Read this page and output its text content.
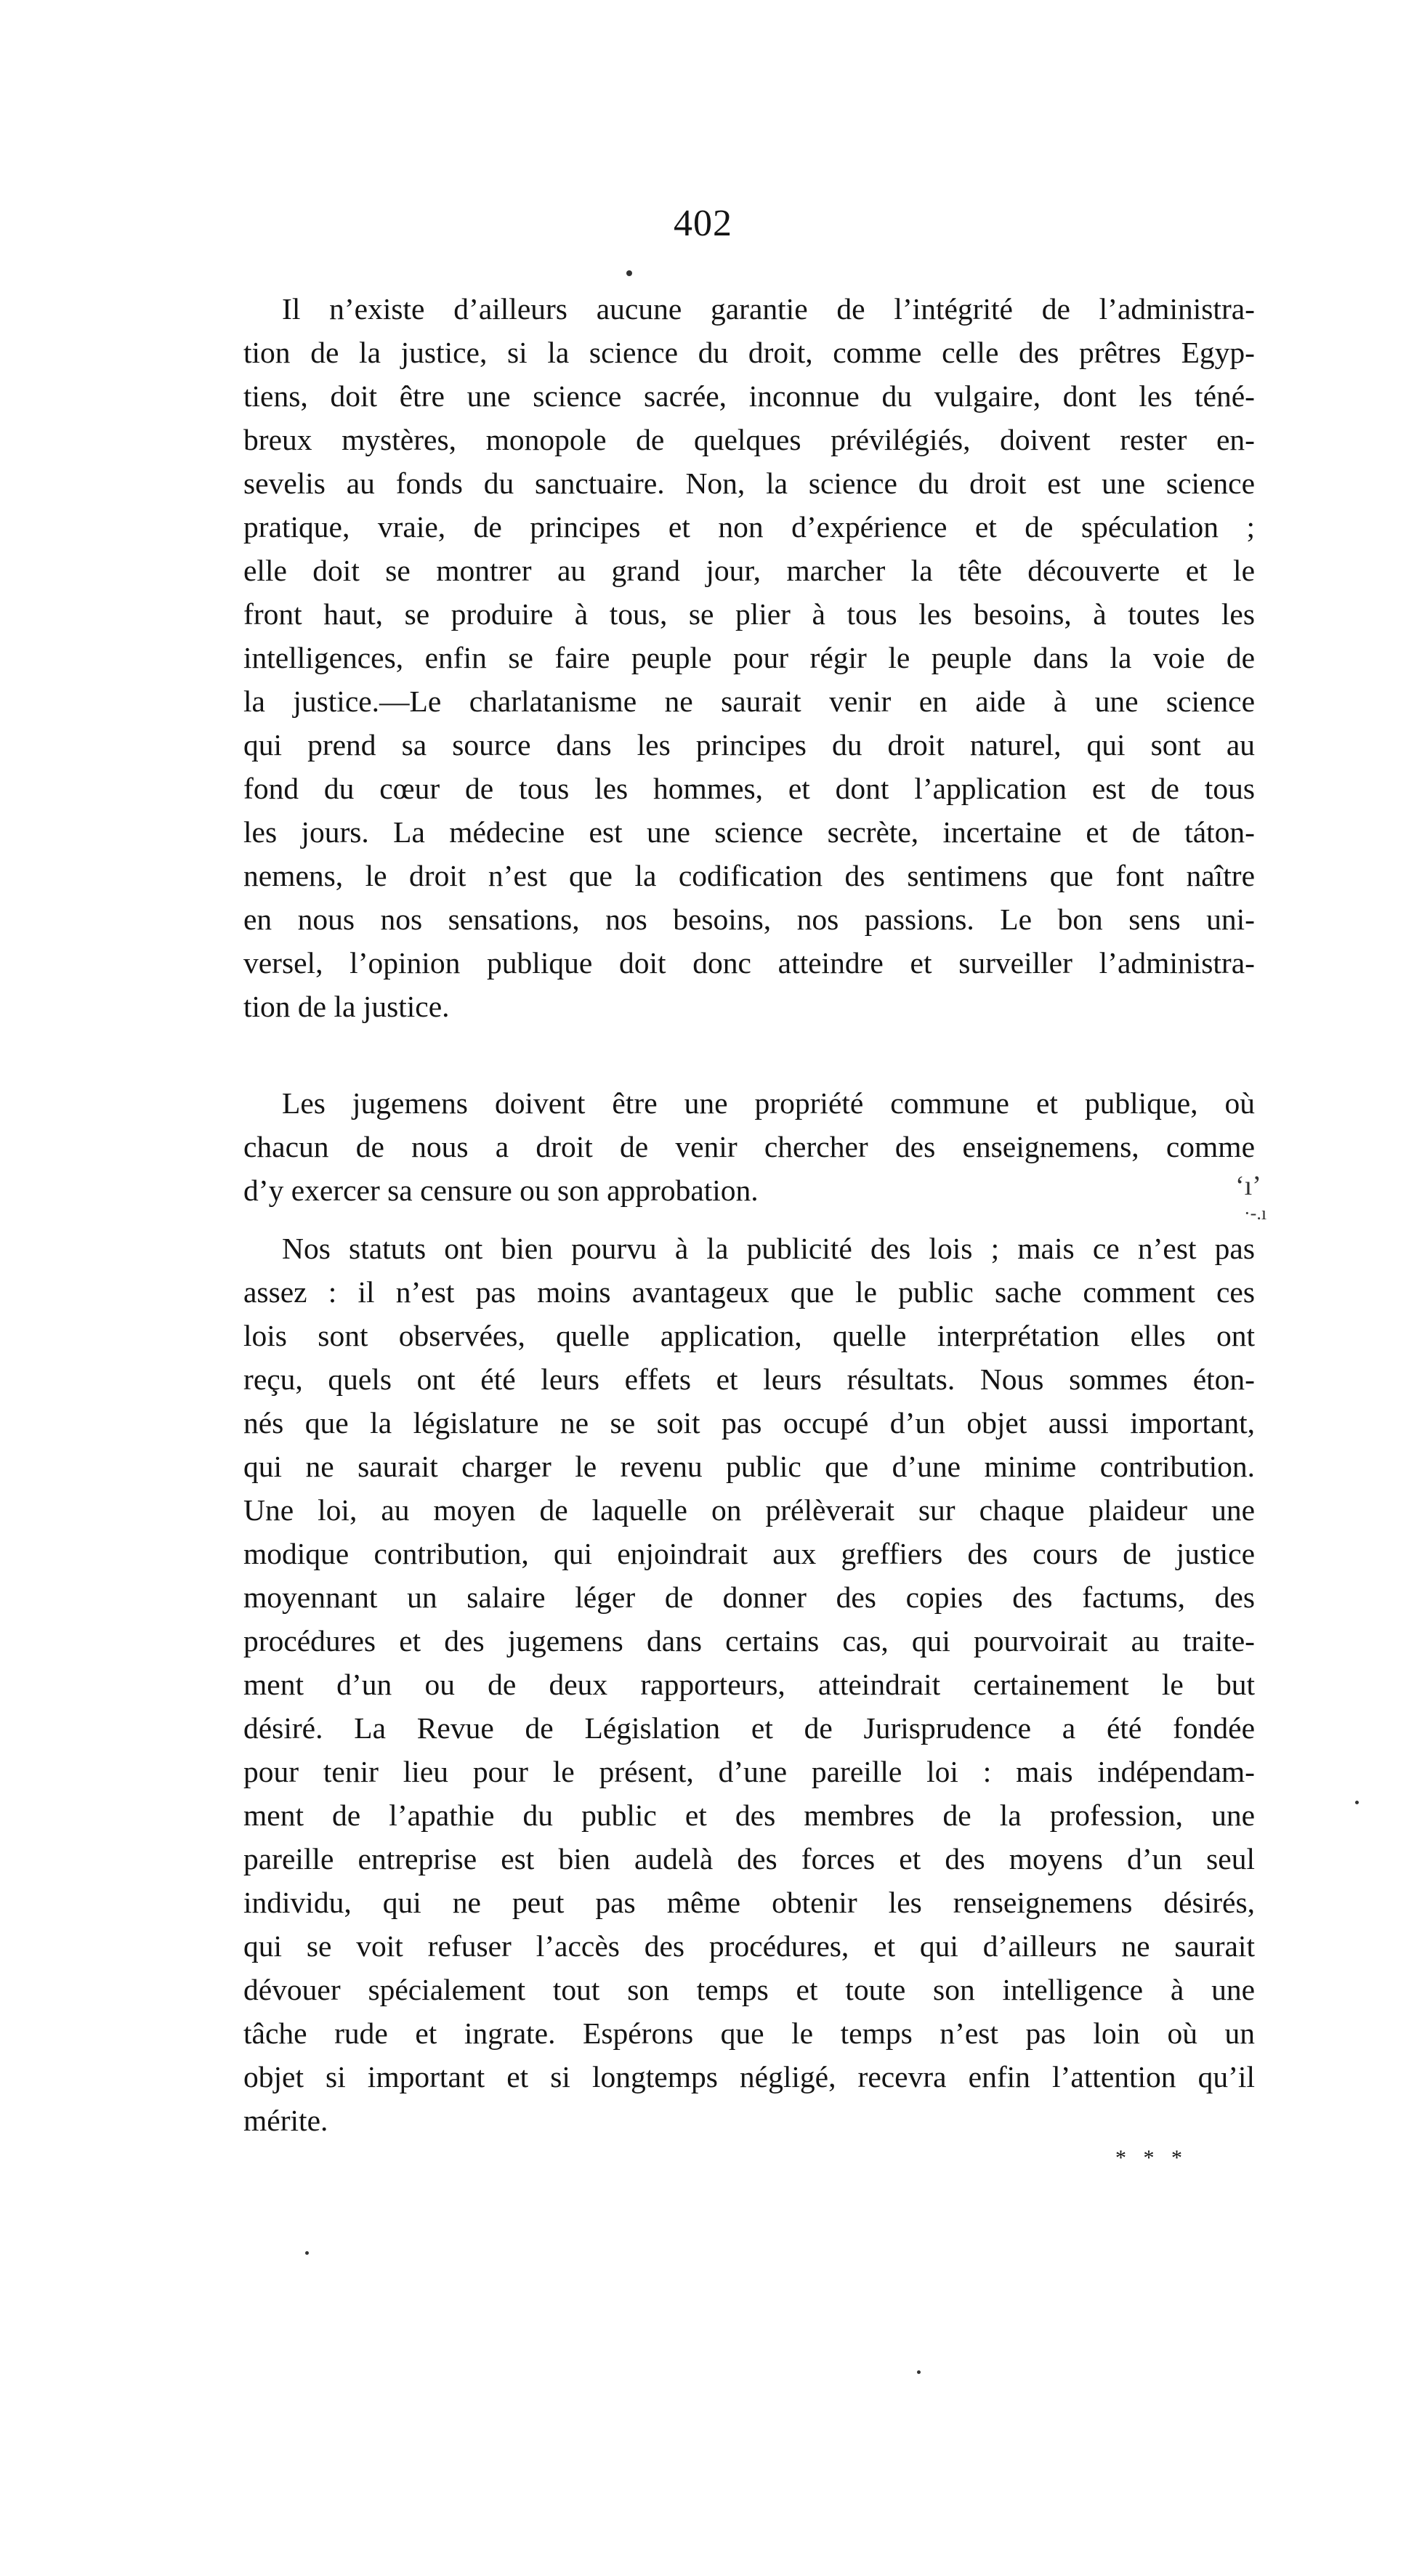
402
Il n’existe d’ailleurs aucune garantie de l’intégrité de l’administra-
tion de la justice, si la science du droit, comme celle des prêtres Egyp-
tiens, doit être une science sacrée, inconnue du vulgaire, dont les téné-
breux mystères, monopole de quelques prévilégiés, doivent rester en-
sevelis au fonds du sanctuaire. Non, la science du droit est une science
pratique, vraie, de principes et non d’expérience et de spéculation ;
elle doit se montrer au grand jour, marcher la tête découverte et le
front haut, se produire à tous, se plier à tous les besoins, à toutes les
intelligences, enfin se faire peuple pour régir le peuple dans la voie de
la justice.—Le charlatanisme ne saurait venir en aide à une science
qui prend sa source dans les principes du droit naturel, qui sont au
fond du cœur de tous les hommes, et dont l’application est de tous
les jours. La médecine est une science secrète, incertaine et de táton-
nemens, le droit n’est que la codification des sentimens que font naître
en nous nos sensations, nos besoins, nos passions. Le bon sens uni-
versel, l’opinion publique doit donc atteindre et surveiller l’administra-
tion de la justice.
Les jugemens doivent être une propriété commune et publique, où
chacun de nous a droit de venir chercher des enseignemens, comme
d’y exercer sa censure ou son approbation.	‘ı’
·-.ı
Nos statuts ont bien pourvu à la publicité des lois ; mais ce n’est pas
assez : il n’est pas moins avantageux que le public sache comment ces
lois sont observées, quelle application, quelle interprétation elles ont
reçu, quels ont été leurs effets et leurs résultats. Nous sommes éton-
nés que la législature ne se soit pas occupé d’un objet aussi important,
qui ne saurait charger le revenu public que d’une minime contribution.
Une loi, au moyen de laquelle on prélèverait sur chaque plaideur une
modique contribution, qui enjoindrait aux greffiers des cours de justice
moyennant un salaire léger de donner des copies des factums, des
procédures et des jugemens dans certains cas, qui pourvoirait au traite-
ment d’un ou de deux rapporteurs, atteindrait certainement le but
désiré. La Revue de Législation et de Jurisprudence a été fondée
pour tenir lieu pour le présent, d’une pareille loi : mais indépendam-
ment de l’apathie du public et des membres de la profession, une
pareille entreprise est bien audelà des forces et des moyens d’un seul
individu, qui ne peut pas même obtenir les renseignemens désirés,
qui se voit refuser l’accès des procédures, et qui d’ailleurs ne saurait
dévouer spécialement tout son temps et toute son intelligence à une
tâche rude et ingrate. Espérons que le temps n’est pas loin où un
objet si important et si longtemps négligé, recevra enfin l’attention qu’il
mérite.
* * *
